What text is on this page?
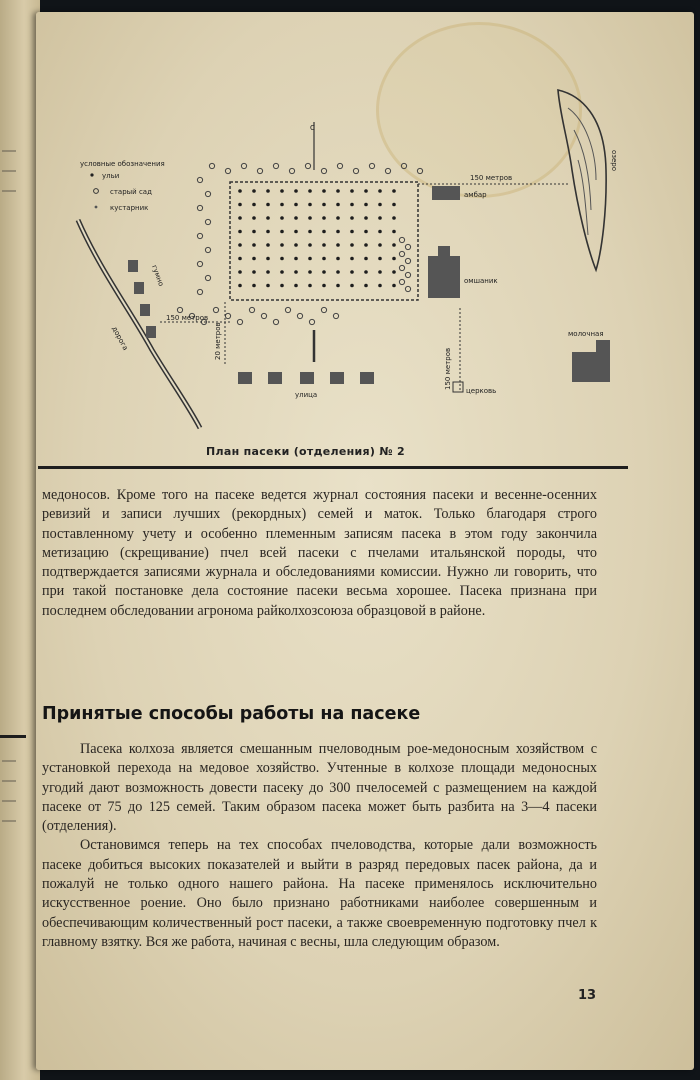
С
150 метров
амбар
омшаник
молочная
150 метров
церковь
озеро
дорога
гумно
150 метров
20 метров
улица
условные обозначения
ульи
старый сад
кустарник
План пасеки (отделения) № 2

медоносов. Кроме того на пасеке ведется журнал состояния пасеки и весенне-осенних ревизий и записи лучших (рекордных) семей и маток. Только благодаря строго поставленному учету и особенно племенным записям пасека в этом году закончила метизацию (скрещивание) пчел всей пасеки с пчелами итальянской породы, что подтверждается записями журнала и обследованиями комиссии. Нужно ли говорить, что при такой постановке дела состояние пасеки весьма хорошее. Пасека признана при последнем обследовании агронома райколхозсоюза образцовой в районе.

Принятые способы работы на пасеке

Пасека колхоза является смешанным пчеловодным рое-медоносным хозяйством с установкой перехода на медовое хозяйство. Учтенные в колхозе площади медоносных угодий дают возможность довести пасеку до 300 пчелосемей с размещением на каждой пасеке от 75 до 125 семей. Таким образом пасека может быть разбита на 3—4 пасеки (отделения).

Остановимся теперь на тех способах пчеловодства, которые дали возможность пасеке добиться высоких показателей и выйти в разряд передовых пасек района, да и пожалуй не только одного нашего района. На пасеке применялось исключительно искусственное роение. Оно было признано работниками наиболее совершенным и обеспечивающим количественный рост пасеки, а также своевременную подготовку пчел к главному взятку. Вся же работа, начиная с весны, шла следующим образом.

13
